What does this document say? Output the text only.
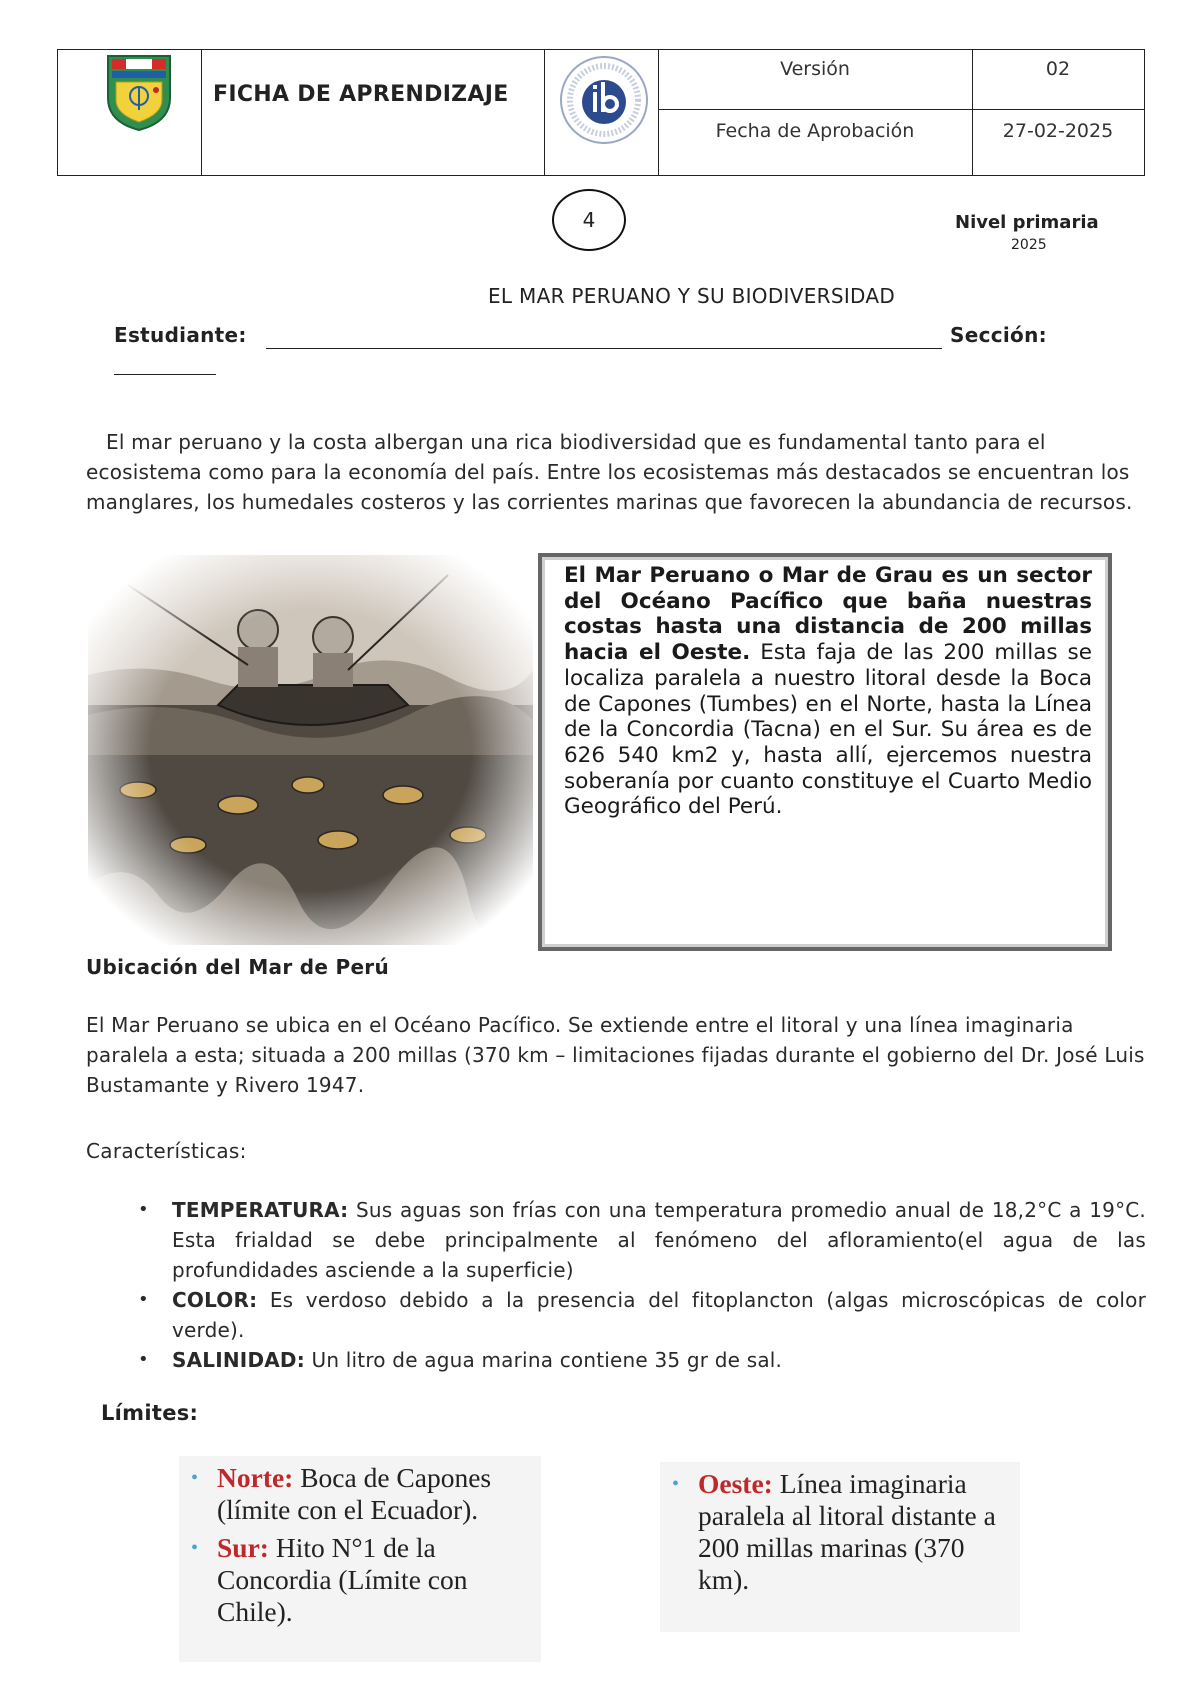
FICHA DE APRENDIZAJE
Versión	02
Fecha de Aprobación	27-02-2025
4	Nivel primaria
2025
EL MAR PERUANO Y SU BIODIVERSIDAD
Estudiante:	Sección:
El mar peruano y la costa albergan una rica biodiversidad que es fundamental tanto para el ecosistema como para la economía del país. Entre los ecosistemas más destacados se encuentran los manglares, los humedales costeros y las corrientes marinas que favorecen la abundancia de recursos.
El Mar Peruano o Mar de Grau es un sector del Océano Pacífico que baña nuestras costas hasta una distancia de 200 millas hacia el Oeste. Esta faja de las 200 millas se localiza paralela a nuestro litoral desde la Boca de Capones (Tumbes) en el Norte, hasta la Línea de la Concordia (Tacna) en el Sur. Su área es de 626 540 km2 y, hasta allí, ejercemos nuestra soberanía por cuanto constituye el Cuarto Medio Geográfico del Perú.
Ubicación del Mar de Perú
El Mar Peruano se ubica en el Océano Pacífico. Se extiende entre el litoral y una línea imaginaria paralela a esta; situada a 200 millas (370 km – limitaciones fijadas durante el gobierno del Dr. José Luis Bustamante y Rivero 1947.
Características:
• TEMPERATURA: Sus aguas son frías con una temperatura promedio anual de 18,2°C a 19°C. Esta frialdad se debe principalmente al fenómeno del afloramiento(el agua de las profundidades asciende a la superficie)
• COLOR: Es verdoso debido a la presencia del fitoplancton (algas microscópicas de color verde).
• SALINIDAD: Un litro de agua marina contiene 35 gr de sal.
Límites:
• Norte: Boca de Capones (límite con el Ecuador).
• Sur: Hito N°1 de la Concordia (Límite con Chile).
• Oeste: Línea imaginaria paralela al litoral distante a 200 millas marinas (370 km).
